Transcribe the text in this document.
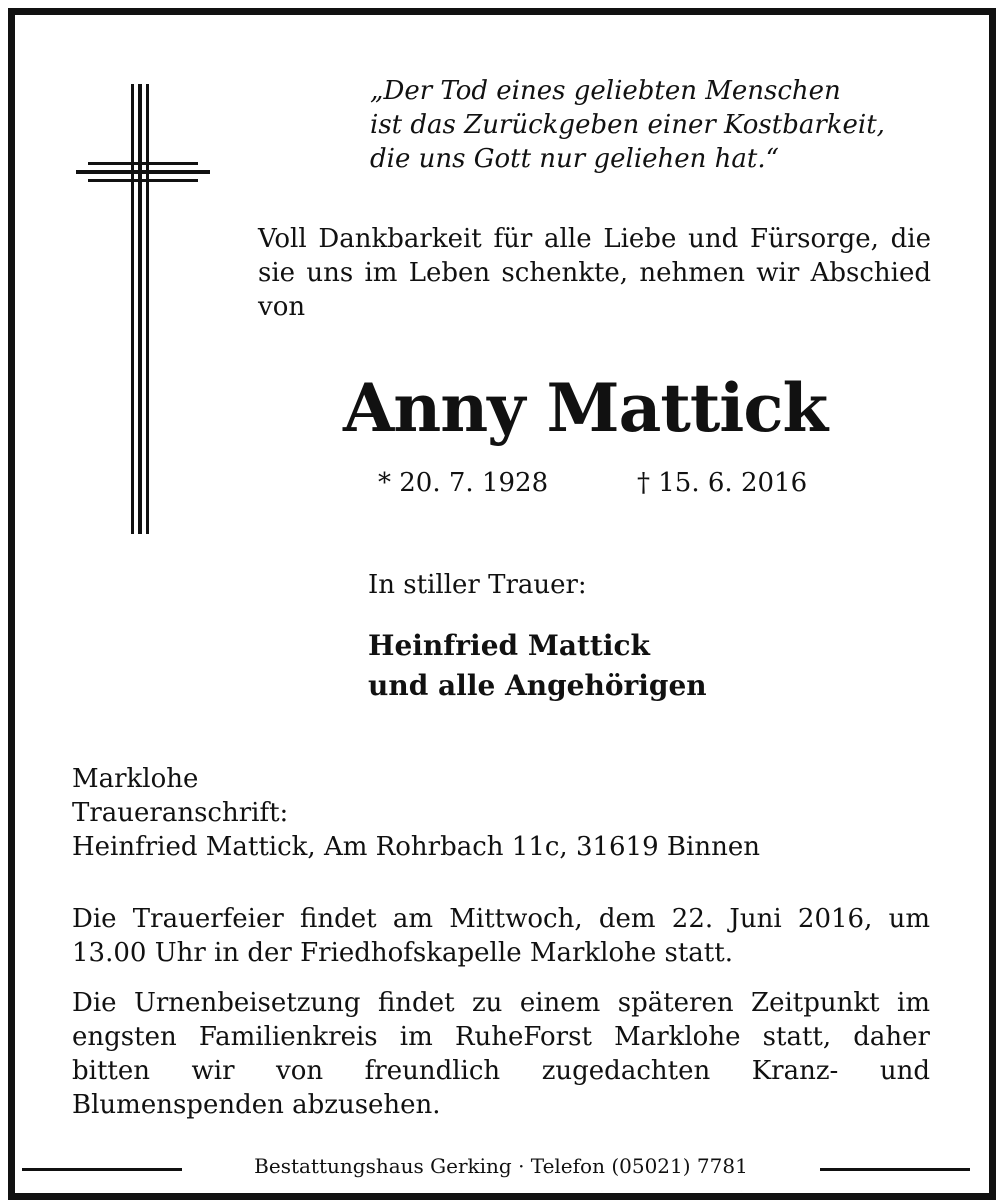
„Der Tod eines geliebten Menschen
ist das Zurückgeben einer Kostbarkeit,
die uns Gott nur geliehen hat.“
Voll Dankbarkeit für alle Liebe und Fürsorge, die sie uns im Leben schenkte, nehmen wir Abschied von
Anny Mattick
* 20. 7. 1928	† 15. 6. 2016
In stiller Trauer:
Heinfried Mattick
und alle Angehörigen
Marklohe
Traueranschrift:
Heinfried Mattick, Am Rohrbach 11c, 31619 Binnen
Die Trauerfeier findet am Mittwoch, dem 22. Juni 2016, um 13.00 Uhr in der Friedhofskapelle Marklohe statt.
Die Urnenbeisetzung findet zu einem späteren Zeitpunkt im engsten Familienkreis im RuheForst Marklohe statt, daher bitten wir von freundlich zugedachten Kranz- und Blumenspenden abzusehen.
Bestattungshaus Gerking · Telefon (05021) 7781
